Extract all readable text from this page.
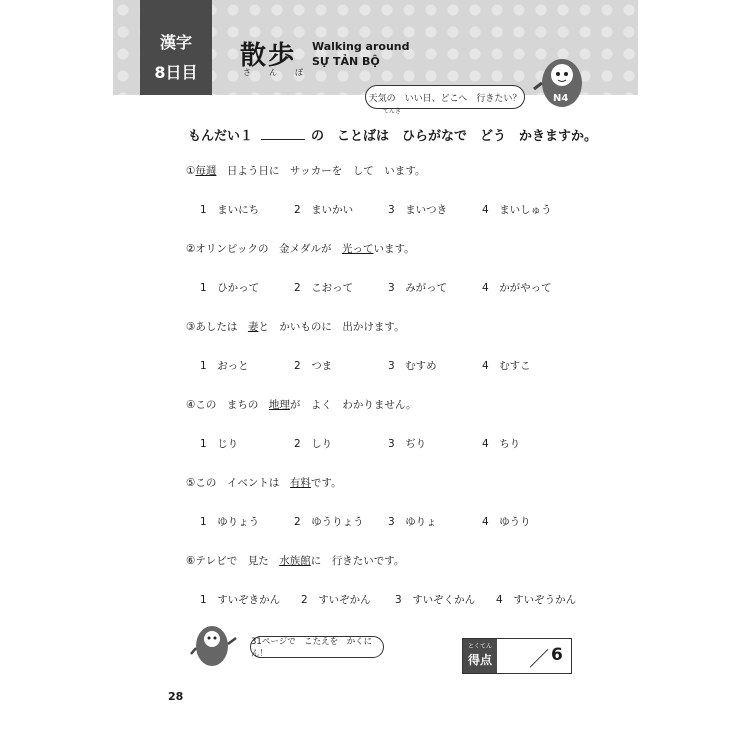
漢字
8日目
散歩
さんぽ
Walking around
SỰ TẢN BỘ
N4
天気の　いい日、どこへ　行きたい？
てんき
もんだい１	の　ことばは　ひらがなで　どう　かきますか。
①毎週　日よう日に　サッカーを　して　います。
1　 まいにち	2　 まいかい	3　 まいつき	4　 まいしゅう
②オリンピックの　金メダルが　光っています。
1　 ひかって	2　 こおって	3　 みがって	4　 かがやって
③あしたは　妻と　かいものに　出かけます。
1　 おっと	2　 つま	3　 むすめ	4　 むすこ
④この　まちの　地理が　よく　わかりません。
1　 じり	2　 しり	3　 ぢり	4　 ちり
⑤この　イベントは　有料です。
1　 ゆりょう	2　 ゆうりょう 3　 ゆりょ	4　 ゆうり
⑥テレビで　見た　水族館に　行きたいです。
1　 すいぞきかん 2　 すいぞかん 3　 すいぞくかん 4　 すいぞうかん
31ページで　こたえを　かくにん！
とくてん
得点 ／ 6
28
